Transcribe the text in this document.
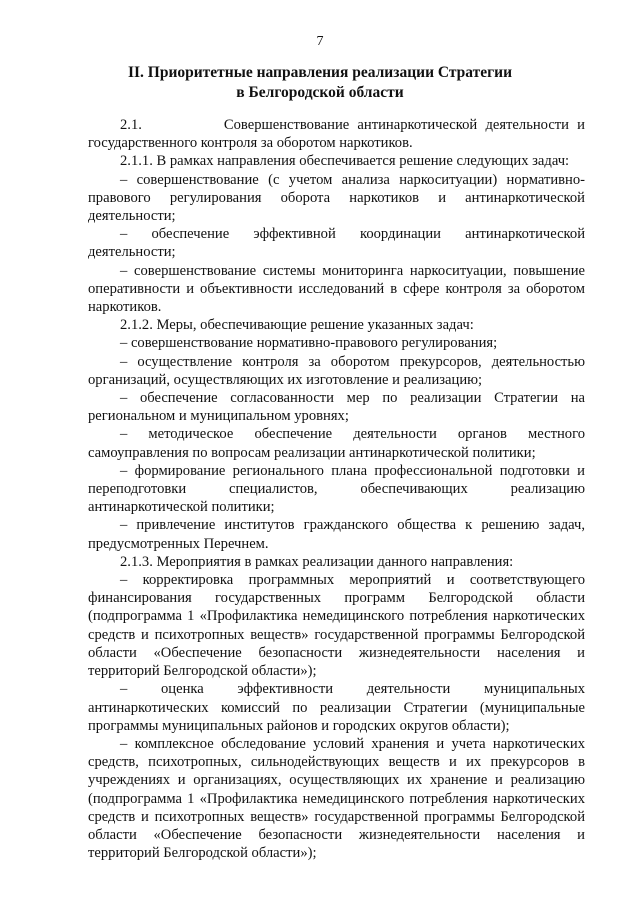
7
II. Приоритетные направления реализации Стратегии
в Белгородской области

2.1.          Совершенствование антинаркотической деятельности и государственного контроля за оборотом наркотиков.

2.1.1. В рамках направления обеспечивается решение следующих задач:

– совершенствование (с учетом анализа наркоситуации) нормативно-правового регулирования оборота наркотиков и антинаркотической деятельности;

– обеспечение эффективной координации антинаркотической деятельности;

– совершенствование системы мониторинга наркоситуации, повышение оперативности и объективности исследований в сфере контроля за оборотом наркотиков.

2.1.2. Меры, обеспечивающие решение указанных задач:

– совершенствование нормативно-правового регулирования;

– осуществление контроля за оборотом прекурсоров, деятельностью организаций, осуществляющих их изготовление и реализацию;

– обеспечение согласованности мер по реализации Стратегии на региональном и муниципальном уровнях;

– методическое обеспечение деятельности органов местного самоуправления по вопросам реализации антинаркотической политики;

– формирование регионального плана профессиональной подготовки и переподготовки специалистов, обеспечивающих реализацию антинаркотической политики;

– привлечение институтов гражданского общества к решению задач, предусмотренных Перечнем.

2.1.3. Мероприятия в рамках реализации данного направления:

– корректировка программных мероприятий и соответствующего финансирования государственных программ Белгородской области (подпрограмма 1 «Профилактика немедицинского потребления наркотических средств и психотропных веществ» государственной программы Белгородской области «Обеспечение безопасности жизнедеятельности населения и территорий Белгородской области»);

– оценка эффективности деятельности муниципальных антинаркотических комиссий по реализации Стратегии (муниципальные программы муниципальных районов и городских округов области);

– комплексное обследование условий хранения и учета наркотических средств, психотропных, сильнодействующих веществ и их прекурсоров в учреждениях и организациях, осуществляющих их хранение и реализацию (подпрограмма 1 «Профилактика немедицинского потребления наркотических средств и психотропных веществ» государственной программы Белгородской области «Обеспечение безопасности жизнедеятельности населения и территорий Белгородской области»);
